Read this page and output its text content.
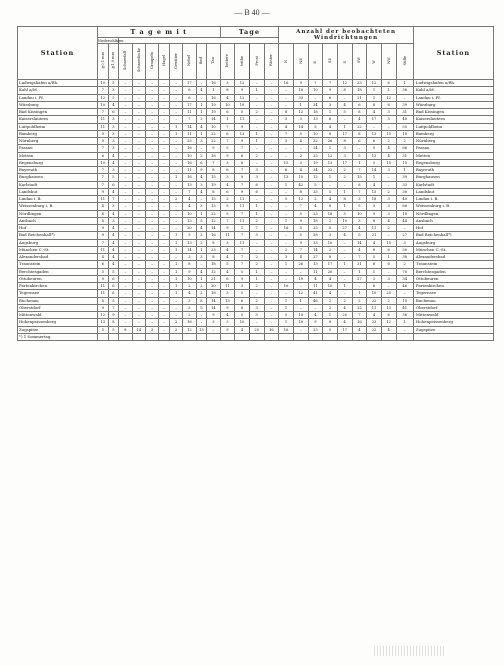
— B 40 —
Station	T a g e m i t										Tage				Anzahl der beobachteten Windrichtungen									Station
	Niederschlägen																							
	≧0,1 mm	≧1,0 mm	Schneefall	Schneedecke	Graupeln	Hagel	Gewitter	Nebel	Reif	Tau	heitere	trübe	Frost	Winter	N	NE	E	SE	S	SW	W	NW	Stille	
Ludwigshafen a/Rh.	10	5	–	–	–	–	–	17	–	16	3	12	–	–	16	9	7	7	12	23	12	6	1	Ludwigshafen a/Rh.
Kahl a/M.	7	3	–	–	–	–	–	6	4	1	8	9	1	–	–	10	10	9	8	18	1	1	36	Kahl a/M.
Landau i. Pf.	12	2	–	–	–	–	–	6	–	16	4	12	–	–	–	33	–	6	–	21	1	12	–	Landau i. Pf.
Würzburg	10	4	–	–	–	–	–	17	1	19	10	10	–	–	–	1	24	3	4	6	8	6	39	Würzburg
Bad Kissingen	7	6	–	–	–	–	–	11	1	19	6	5	2	–	8	12	18	1	5	8	4	3	31	Bad Kissingen
Kaiserslautern	11	3	–	–	–	–	–	7	2	14	1	11	–	–	3	3	13	6	–	4	17	5	40	Kaiserslautern
Luitpoldheim	11	3	–	–	–	–	1	14	4	10	7	9	–	–	4	14	5	4	1	22	–	–	55	Luitpoldheim
Bamberg	9	3	–	–	–	–	1	11	1	22	6	13	1	–	7	5	10	8	17	8	13	15	10	Bamberg
Nürnberg	9	3	–	–	–	–	–	25	3	22	7	9	1	–	3	4	32	26	8	6	6	2	2	Nürnberg
Passau	7	3	–	–	–	–	–	16	–	9	5	7	–	–	–	–	24	1	3	–	5	4	66	Passau
Metten	6	4	–	–	–	–	–	10	2	18	9	6	2	–	–	2	25	12	3	5	13	4	31	Metten
Regensburg	10	4	–	–	–	–	–	16	6	7	3	8	–	–	15	3	19	13	17	1	5	15	15	Regensburg
Bayreuth	7	3	–	–	–	–	–	11	9	8	6	7	3	–	6	4	34	22	2	7	14	3	1	Bayreuth
Burghausen	7	5	–	–	–	–	1	16	4	15	3	9	3	–	13	10	12	1	2	15	1	–	39	Burghausen
Karlstadt	7	6	–	–	–	–	–	13	3	19	4	7	6	–	1	42	5	–	–	8	4	–	33	Karlstadt
Landshut	9	4	–	–	–	–	–	7	4	8	6	9	6	–	–	8	25	5	1	7	15	2	30	Landshut
Lindau i. B.	11	7	–	–	–	–	2	4	–	15	2	11	–	–	5	12	2	4	8	3	18	3	40	Lindau i. B.
Weissenburg i. B.	4	3	–	–	–	–	–	4	3	15	5	11	1	–	–	7	4	8	1	5	3	3	66	Weissenburg i. B.
Nördlingen	8	4	–	–	–	–	–	10	1	22	5	7	1	–	–	5	23	18	5	10	9	3	10	Nördlingen
Ansbach	8	3	–	–	–	–	–	13	5	12	7	11	2	–	1	9	18	2	10	3	8	4	44	Ansbach
Hof	9	4	–	–	–	–	–	20	4	14	9	1	7	–	16	5	25	5	27	4	11	2	–	Hof
Bad Reichenhall*)	9	4	–	–	–	–	1	5	2	16	11	7	3	–	–	5	28	3	4	5	21	–	27	Bad Reichenhall*)
Augsburg	7	4	–	–	–	–	1	13	2	8	3	11	–	–	–	9	33	10	–	14	4	15	3	Augsburg
München C.-St.	11	4	–	–	–	–	1	14	1	23	4	7	–	–	2	7	14	2	–	4	8	6	50	München C.-St.
Alexandersbad	4	4	–	–	–	–	–	3	3	8	4	7	2	–	3	4	27	8	–	7	5	1	38	Alexandersbad
Traunstein	6	4	–	–	–	–	1	8	–	18	5	7	2	–	1	26	13	17	1	21	6	6	2	Traunstein
Berchtesgaden	3	5	–	–	–	–	1	9	4	12	4	5	1	–	–	–	11	20	–	1	1	–	70	Berchtesgaden
Ottobeuren	9	6	–	–	–	–	1	10	1	21	6	9	1	–	–	19	4	4	–	27	2	3	34	Ottobeuren
Partenkirchen	11	6	–	–	–	–	1	2	2	20	11	3	2	–	16	–	11	10	1	–	6	–	46	Partenkirchen
Tegernsee	11	6	–	–	–	–	1	4	2	18	3	5	–	–	–	12	41	4	–	1	10	25	–	Tegernsee
Buchenau	8	5	–	–	–	–	–	3	8	14	13	6	2	–	1	1	46	2	2	2	22	2	15	Buchenau
Oberstdorf	9	7	–	–	–	–	–	3	5	14	9	8	3	–	1	–	–	2	4	22	11	13	41	Oberstdorf
Mittenwald	12	9	–	–	–	–	–	2	–	9	4	5	3	–	5	10	4	1	20	7	4	6	36	Mittenwald
Hohenpeissenberg	13	8	–	–	–	–	2	16	–	3	3	10	–	–	1	19	9	8	4	16	23	12	1	Hohenpeissenberg
Zugspitze	5	5	8	14	3	–	2	12	13	–	9	4	25	16	16	–	23	5	17	4	22	4	–	Zugspitze
*) 1 Sommertag.																								
